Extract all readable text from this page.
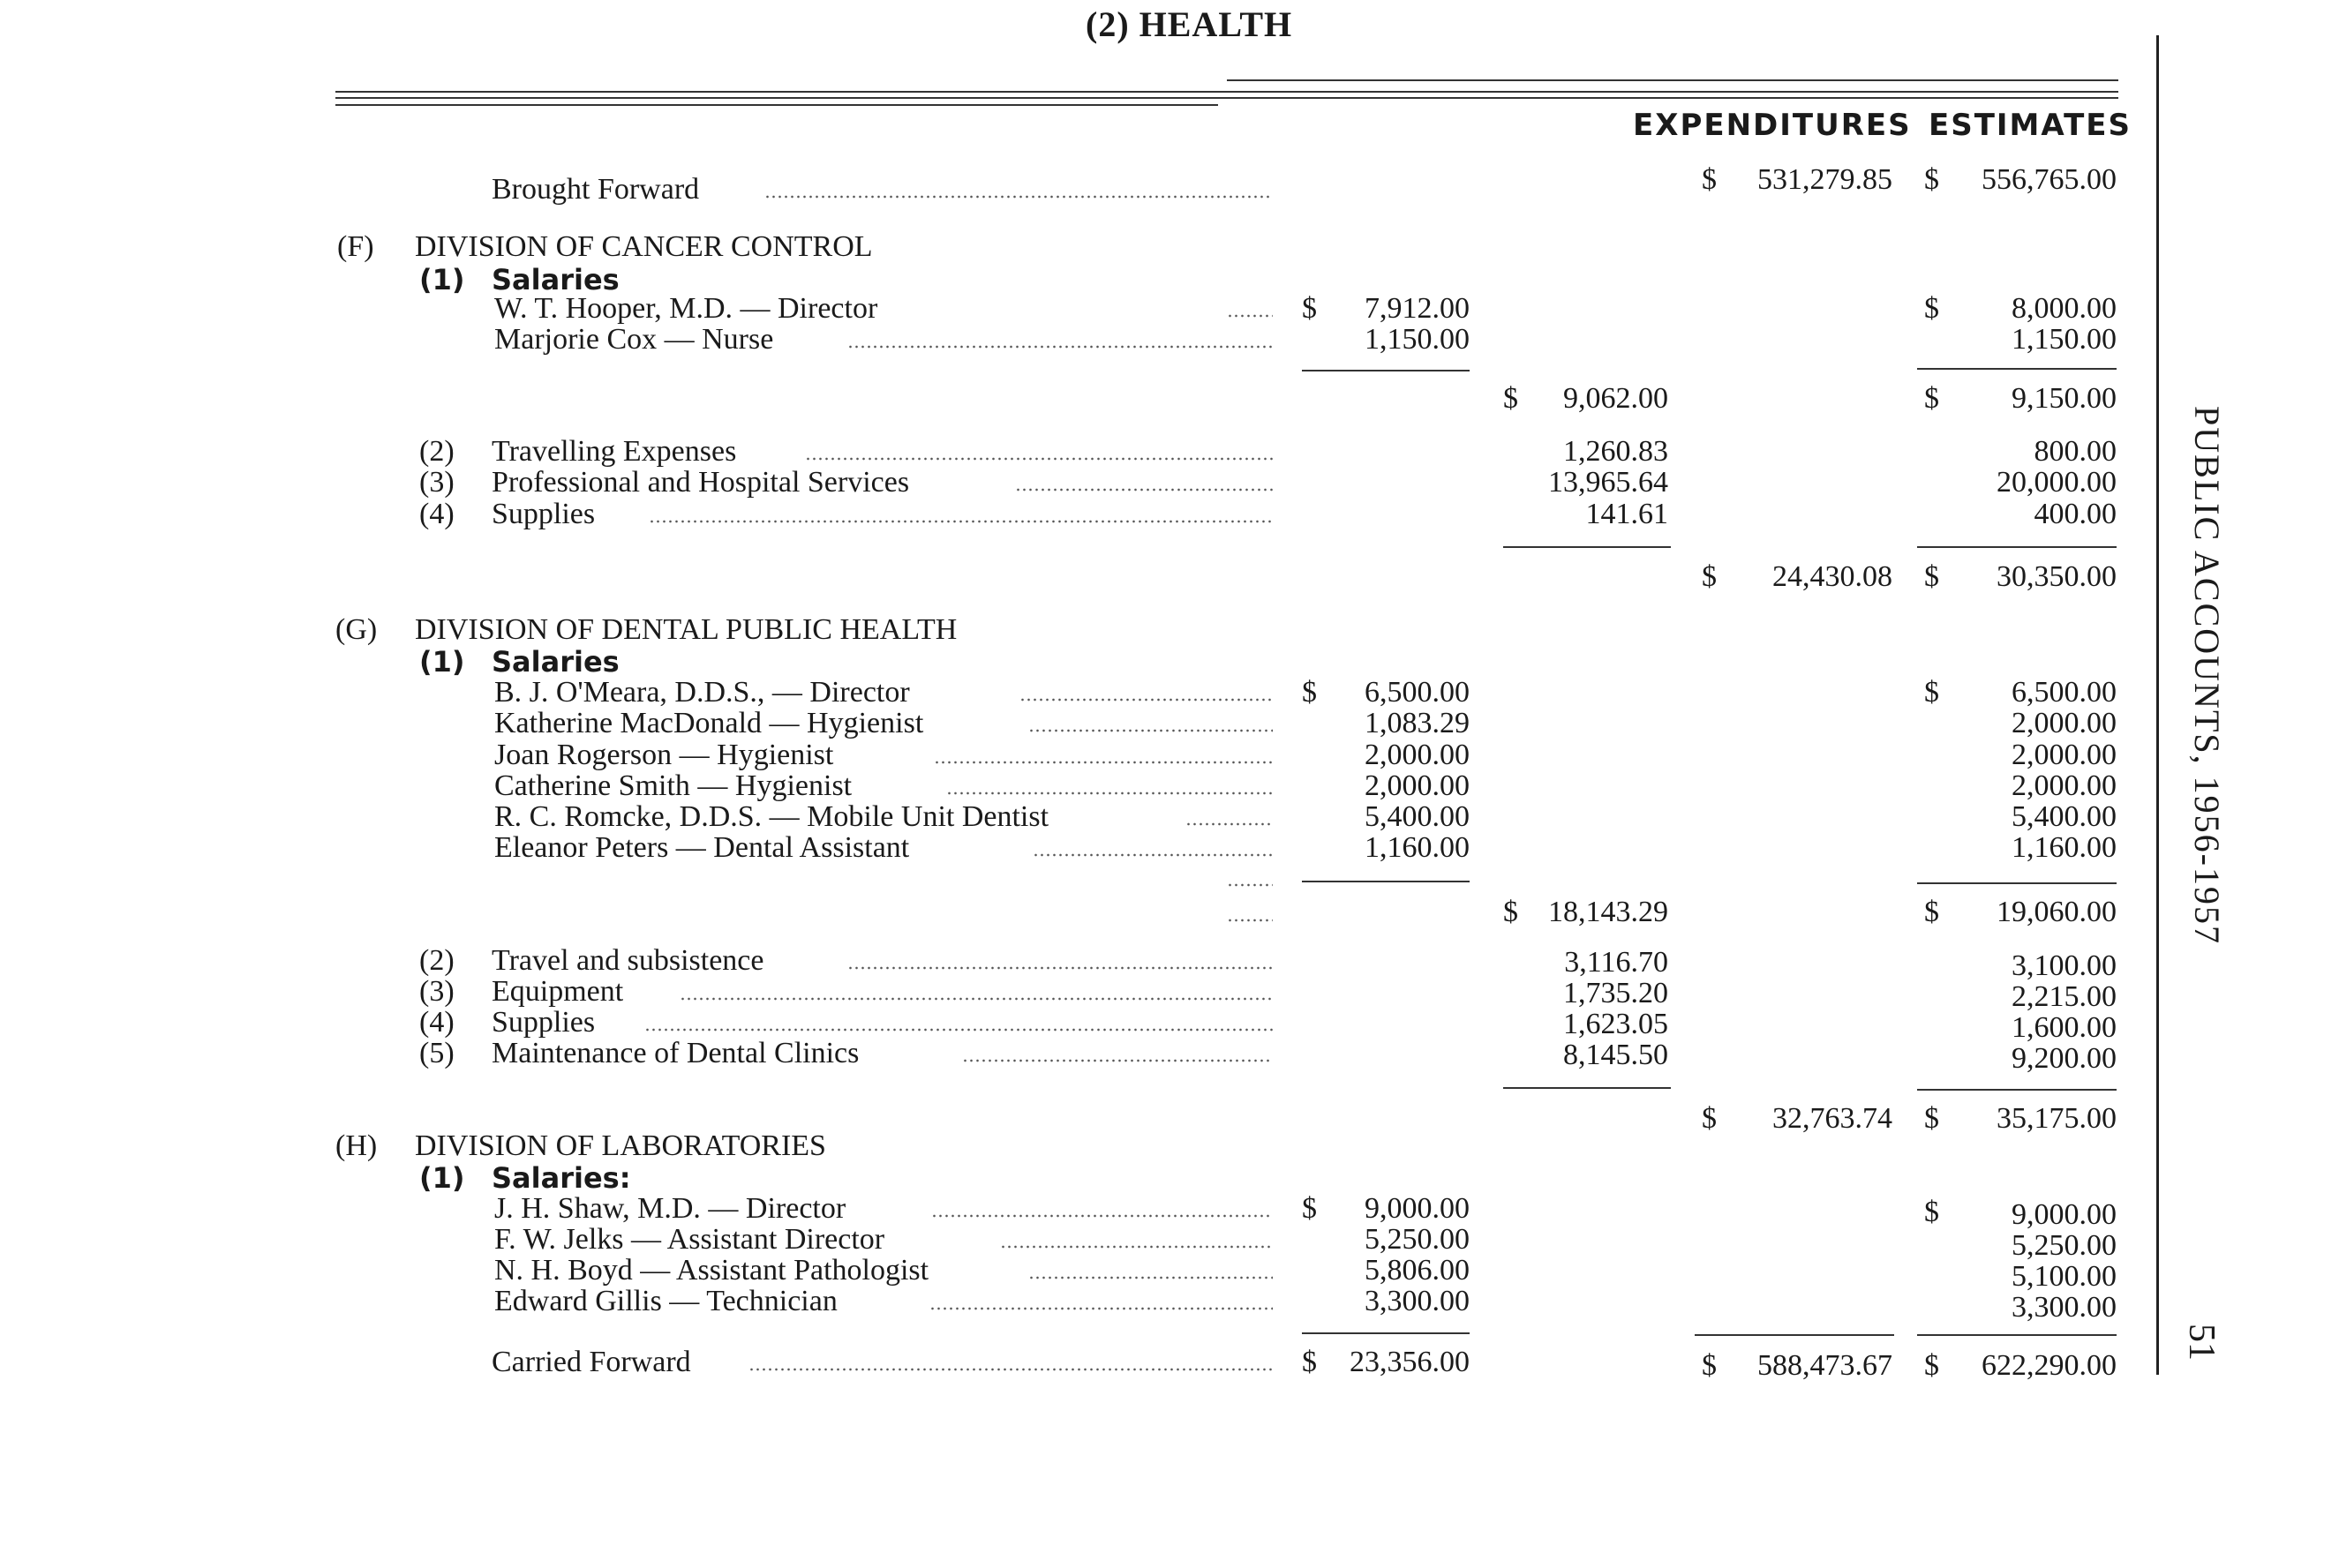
(2) HEALTH
EXPENDITURES ESTIMATES
Brought Forward	$ 531,279.85 $ 556,765.00
(F) DIVISION OF CANCER CONTROL
(1) Salaries
W. T. Hooper, M.D. — Director	$ 7,912.00	$ 8,000.00
Marjorie Cox — Nurse	1,150.00	1,150.00
$ 9,062.00	$ 9,150.00
(2) Travelling Expenses	1,260.83	800.00
(3) Professional and Hospital Services	13,965.64	20,000.00
(4) Supplies	141.61	400.00
$ 24,430.08 $ 30,350.00
(G) DIVISION OF DENTAL PUBLIC HEALTH
(1) Salaries
B. J. O'Meara, D.D.S., — Director	$ 6,500.00	$ 6,500.00
Katherine MacDonald — Hygienist	1,083.29	2,000.00
Joan Rogerson — Hygienist	2,000.00	2,000.00
Catherine Smith — Hygienist	2,000.00	2,000.00
R. C. Romcke, D.D.S. — Mobile Unit Dentist	5,400.00	5,400.00
Eleanor Peters — Dental Assistant	1,160.00	1,160.00
$ 18,143.29	$ 19,060.00
(2) Travel and subsistence	3,116.70	3,100.00
(3) Equipment	1,735.20	2,215.00
(4) Supplies	1,623.05	1,600.00
(5) Maintenance of Dental Clinics	8,145.50	9,200.00
$ 32,763.74 $ 35,175.00
(H) DIVISION OF LABORATORIES
(1) Salaries:
J. H. Shaw, M.D. — Director	$ 9,000.00	$ 9,000.00
F. W. Jelks — Assistant Director	5,250.00	5,250.00
N. H. Boyd — Assistant Pathologist	5,806.00	5,100.00
Edward Gillis — Technician	3,300.00	3,300.00
Carried Forward	$ 23,356.00	$ 588,473.67 $ 622,290.00
PUBLIC ACCOUNTS, 1956-1957
51
